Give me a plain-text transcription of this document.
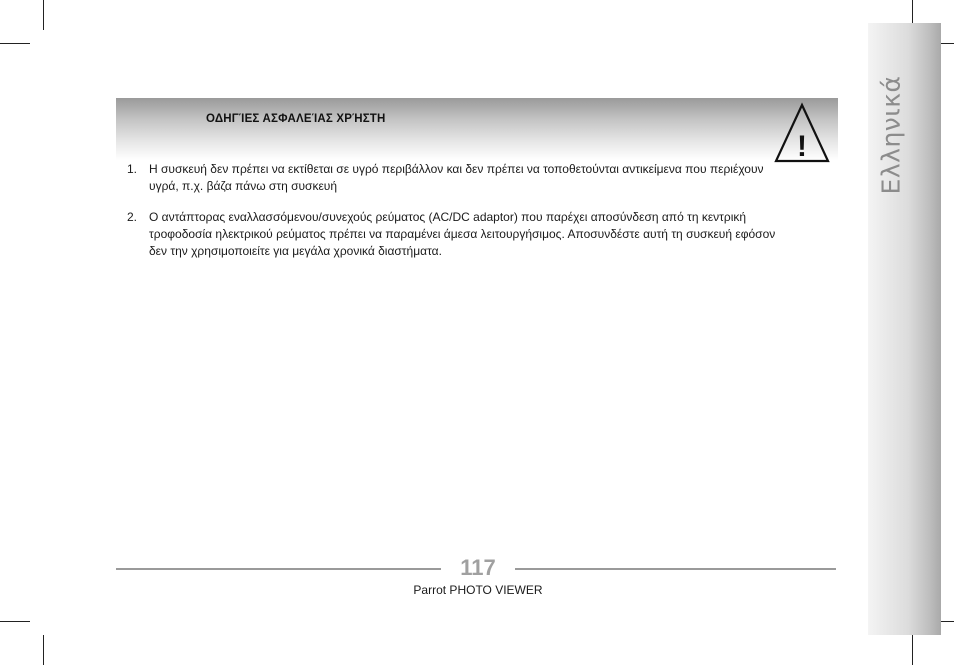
Ελληνικά
ΟΔΗΓΊΕΣ ΑΣΦΑΛΕΊΑΣ ΧΡΉΣΤΗ
!
1. Η συσκευή δεν πρέπει να εκτίθεται σε υγρό περιβάλλον και δεν πρέπει να τοποθετούνται αντικείμενα που περιέχουν υγρά, π.χ. βάζα πάνω στη συσκευή
2. Ο αντάπτορας εναλλασσόμενου/συνεχούς ρεύματος (AC/DC adaptor) που παρέχει αποσύνδεση από τη κεντρική τροφοδοσία ηλεκτρικού ρεύματος πρέπει να παραμένει άμεσα λειτουργήσιμος. Αποσυνδέστε αυτή τη συσκευή εφόσον δεν την χρησιμοποιείτε για μεγάλα χρονικά διαστήματα.
117
Parrot PHOTO VIEWER
